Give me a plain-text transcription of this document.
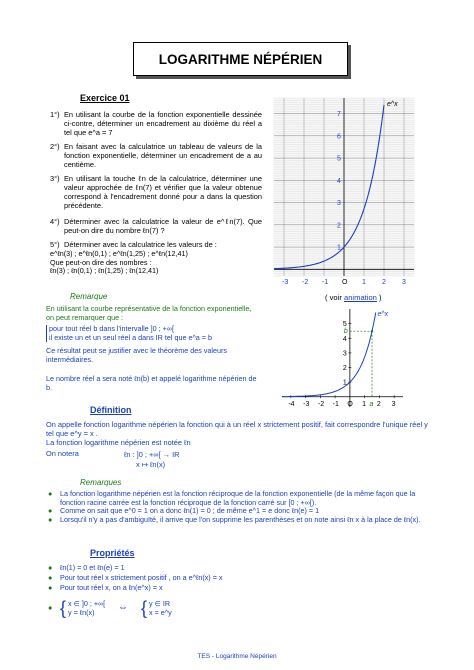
LOGARITHME NÉPÉRIEN
Exercice 01
1°) En utilisant la courbe de la fonction exponentielle dessinée ci-contre, déterminer un encadrement au dixième du réel a tel que e^a = 7
2°) En faisant avec la calculatrice un tableau de valeurs de la fonction exponentielle, déterminer un encadrement de a au centième.
3°) En utilisant la touche ℓn de la calculatrice, déterminer une valeur approchée de ℓn(7) et vérifier que la valeur obtenue correspond à l'encadrement donné pour a dans la question précédente.
4°) Déterminer avec la calculatrice la valeur de e^ℓn(7). Que peut-on dire du nombre ℓn(7) ?
5°) Déterminer avec la calculatrice les valeurs de :
e^ℓn(3) ; e^ℓn(0,1) ; e^ℓn(1,25) ; e^ℓn(12,41)
Que peut-on dire des nombres :
ℓn(3) ; ℓn(0,1) ; ℓn(1,25) ; ℓn(12,41)
-3 -2 -1 O 1 2 3
1
2
3
4
5
6
7
e^x
Remarque
En utilisant la courbe représentative de la fonction exponentielle, on peut remarquer que :
pour tout réel b dans l'intervalle ]0 ; +∞[
il existe un et un seul réel a dans IR tel que e^a = b
Ce résultat peut se justifier avec le théorème des valeurs intermédiaires.
Le nombre réel a sera noté ℓn(b) et appelé logarithme népérien de b.
( voir animation )
-4 -3 -2 -1 O 1 a 2 3
1
2
3
4
5
b
e^x
Définition
On appelle fonction logarithme népérien la fonction qui à un réel x strictement positif, fait correspondre l'unique réel y tel que e^y = x .
La fonction logarithme népérien est notée ℓn
On notera	ℓn : ]0 ; +∞[ → IR
x ↦ ℓn(x)
Remarques
● La fonction logarithme népérien est la fonction réciproque de la fonction exponentielle (de la même façon que la fonction racine carrée est la fonction réciproque de la fonction carré sur [0 ; +∞[).
● Comme on sait que e^0 = 1 on a donc ℓn(1) = 0 ; de même e^1 = e donc ℓn(e) = 1
● Lorsqu'il n'y a pas d'ambiguïté, il arrive que l'on supprime les parenthèses et on note ainsi ℓn x à la place de ℓn(x).
Propriétés
● ℓn(1) = 0 et ℓn(e) = 1
● Pour tout réel x strictement positif , on a e^ℓn(x) = x
● Pour tout réel x, on a ℓn(e^x) = x
● { x ∈ ]0 ; +∞[
y = ℓn(x)	⇔ { y ∈ IR
x = e^y
TES - Logarithme Népérien
